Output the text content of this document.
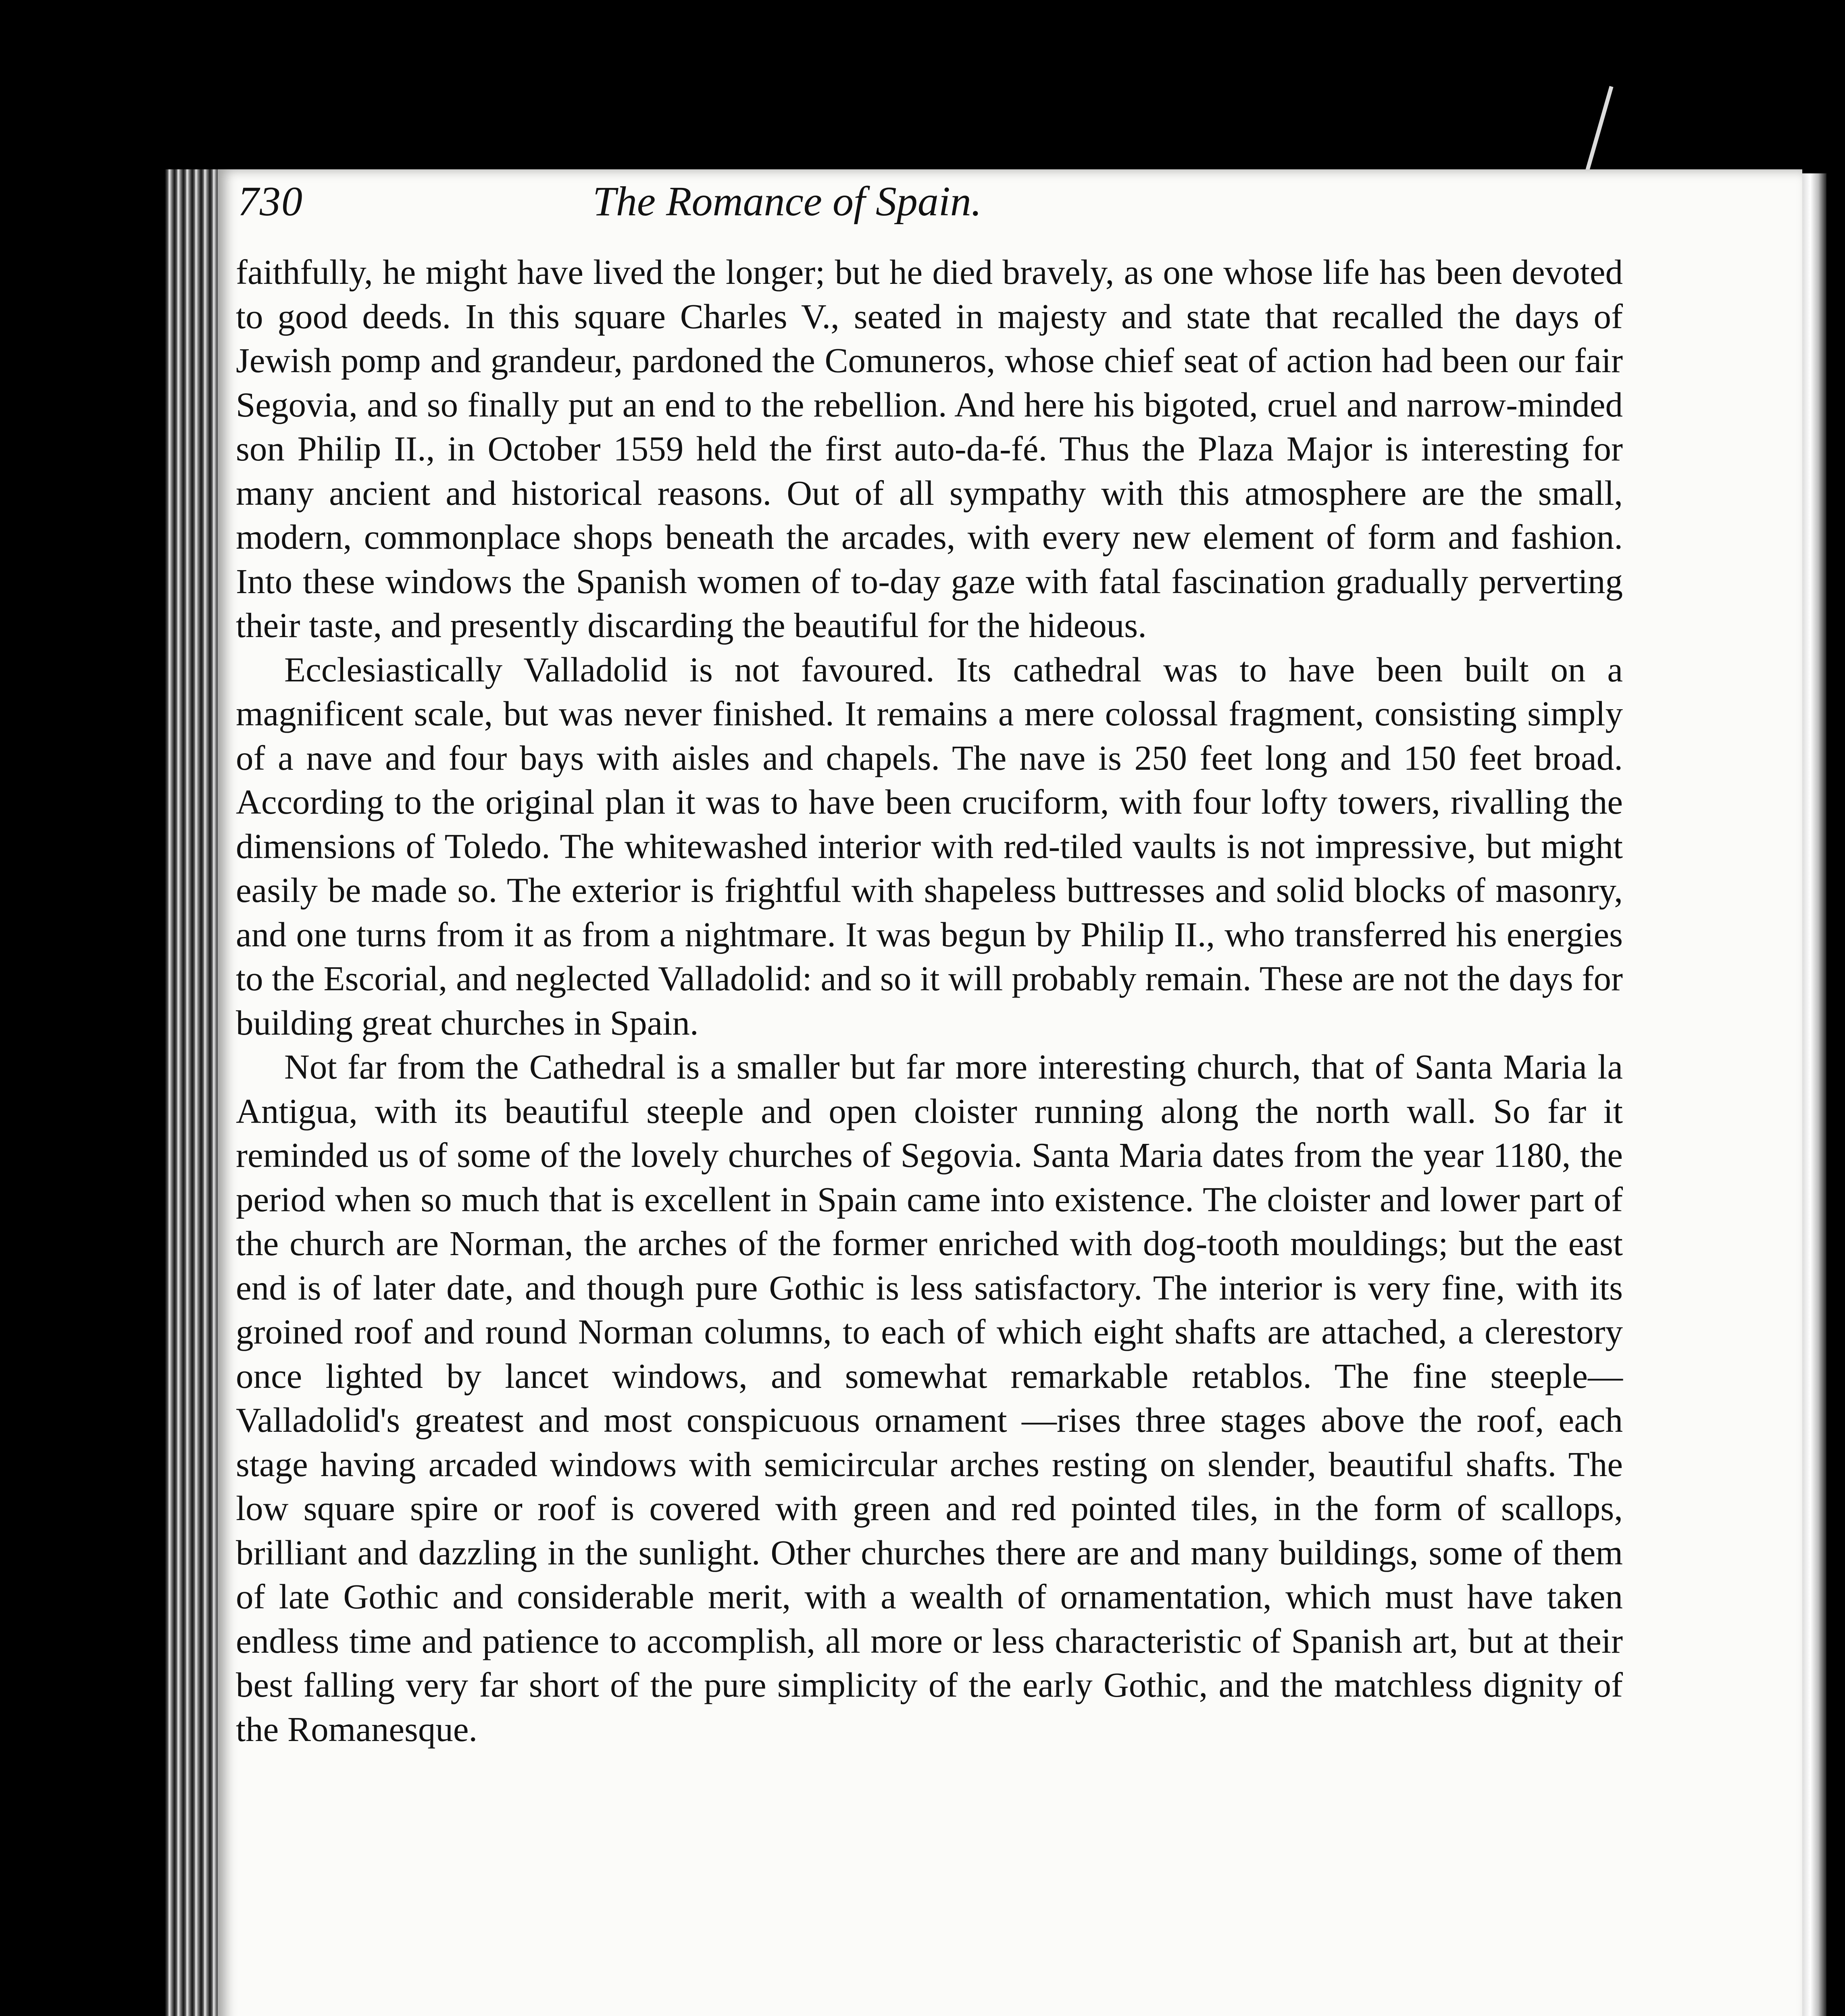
730	The Romance of Spain.

faithfully, he might have lived the longer; but he died bravely, as one whose life has been devoted to good deeds. In this square Charles V., seated in majesty and state that recalled the days of Jewish pomp and grandeur, pardoned the Comuneros, whose chief seat of action had been our fair Segovia, and so finally put an end to the rebellion. And here his bigoted, cruel and narrow-minded son Philip II., in October 1559 held the first auto-da-fé. Thus the Plaza Major is interesting for many ancient and historical reasons. Out of all sympathy with this atmosphere are the small, modern, commonplace shops beneath the arcades, with every new element of form and fashion. Into these windows the Spanish women of to-day gaze with fatal fascination gradually perverting their taste, and presently discarding the beautiful for the hideous.

Ecclesiastically Valladolid is not favoured. Its cathedral was to have been built on a magnificent scale, but was never finished. It remains a mere colossal fragment, consisting simply of a nave and four bays with aisles and chapels. The nave is 250 feet long and 150 feet broad. According to the original plan it was to have been cruciform, with four lofty towers, rivalling the dimensions of Toledo. The whitewashed interior with red-tiled vaults is not impressive, but might easily be made so. The exterior is frightful with shapeless buttresses and solid blocks of masonry, and one turns from it as from a nightmare. It was begun by Philip II., who transferred his energies to the Escorial, and neglected Valladolid: and so it will probably remain. These are not the days for building great churches in Spain.

Not far from the Cathedral is a smaller but far more interesting church, that of Santa Maria la Antigua, with its beautiful steeple and open cloister running along the north wall. So far it reminded us of some of the lovely churches of Segovia. Santa Maria dates from the year 1180, the period when so much that is excellent in Spain came into existence. The cloister and lower part of the church are Norman, the arches of the former enriched with dog-tooth mouldings; but the east end is of later date, and though pure Gothic is less satisfactory. The interior is very fine, with its groined roof and round Norman columns, to each of which eight shafts are attached, a clerestory once lighted by lancet windows, and somewhat remarkable retablos. The fine steeple—Valladolid's greatest and most conspicuous ornament —rises three stages above the roof, each stage having arcaded windows with semicircular arches resting on slender, beautiful shafts. The low square spire or roof is covered with green and red pointed tiles, in the form of scallops, brilliant and dazzling in the sunlight. Other churches there are and many buildings, some of them of late Gothic and considerable merit, with a wealth of ornamentation, which must have taken endless time and patience to accomplish, all more or less characteristic of Spanish art, but at their best falling very far short of the pure simplicity of the early Gothic, and the matchless dignity of the Romanesque.
